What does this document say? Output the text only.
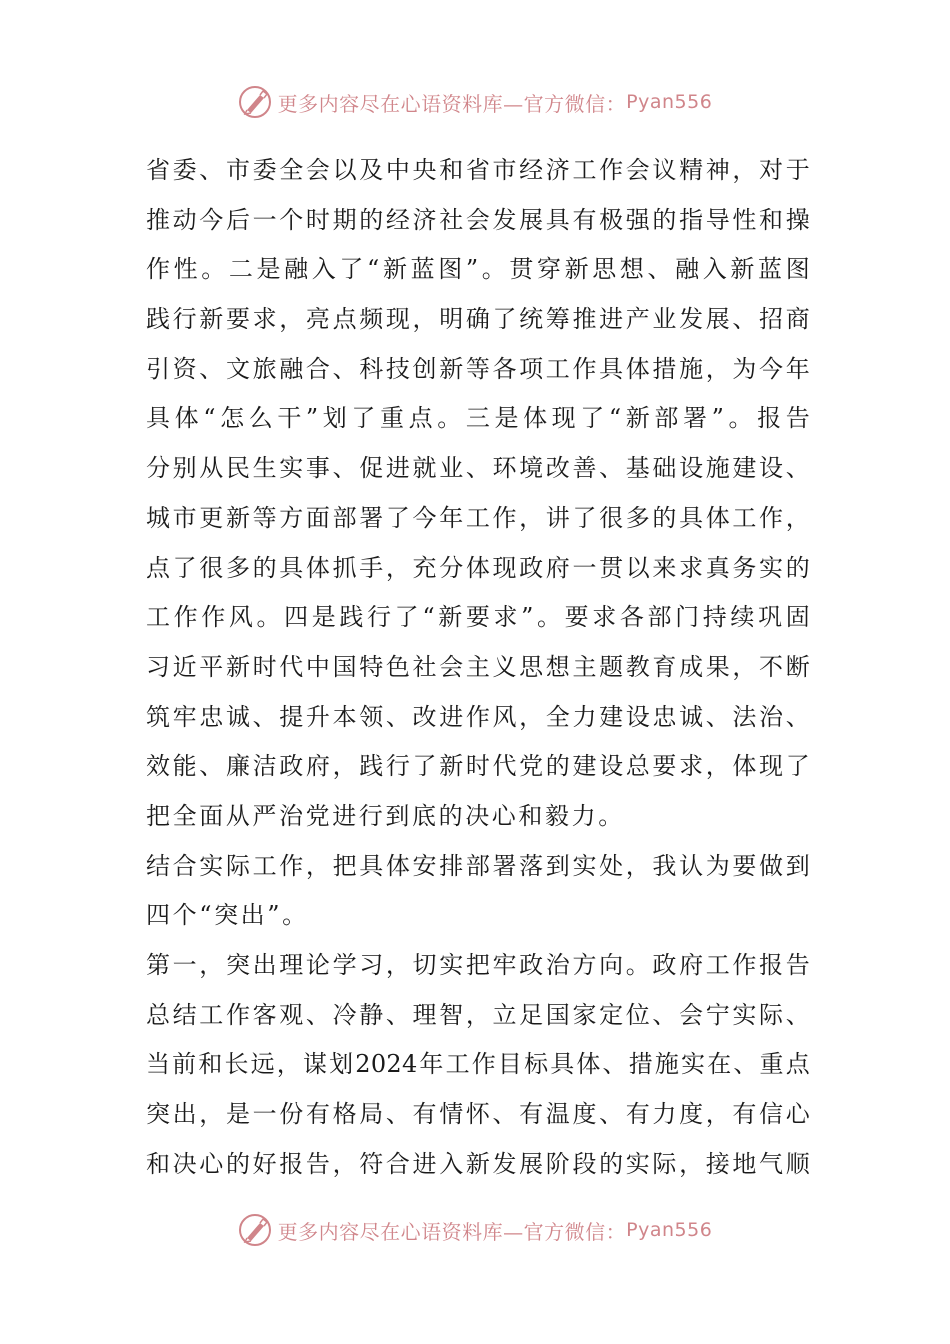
更多内容尽在心语资料库—官方微信： Pyan556
省委、市委全会以及中央和省市经济工作会议精神，对于
推动今后一个时期的经济社会发展具有极强的指导性和操
作性。二是融入了“新蓝图”。贯穿新思想、融入新蓝图
践行新要求，亮点频现，明确了统筹推进产业发展、招商
引资、文旅融合、科技创新等各项工作具体措施，为今年
具体“怎么干”划了重点。三是体现了“新部署”。报告
分别从民生实事、促进就业、环境改善、基础设施建设、
城市更新等方面部署了今年工作，讲了很多的具体工作，
点了很多的具体抓手，充分体现政府一贯以来求真务实的
工作作风。四是践行了“新要求”。要求各部门持续巩固
习近平新时代中国特色社会主义思想主题教育成果，不断
筑牢忠诚、提升本领、改进作风，全力建设忠诚、法治、
效能、廉洁政府，践行了新时代党的建设总要求，体现了
把全面从严治党进行到底的决心和毅力。
结合实际工作，把具体安排部署落到实处，我认为要做到
四个“突出”。
第一，突出理论学习，切实把牢政治方向。政府工作报告
总结工作客观、冷静、理智，立足国家定位、会宁实际、
当前和长远，谋划2024年工作目标具体、措施实在、重点
突出，是一份有格局、有情怀、有温度、有力度，有信心
和决心的好报告，符合进入新发展阶段的实际，接地气顺
更多内容尽在心语资料库—官方微信： Pyan556
